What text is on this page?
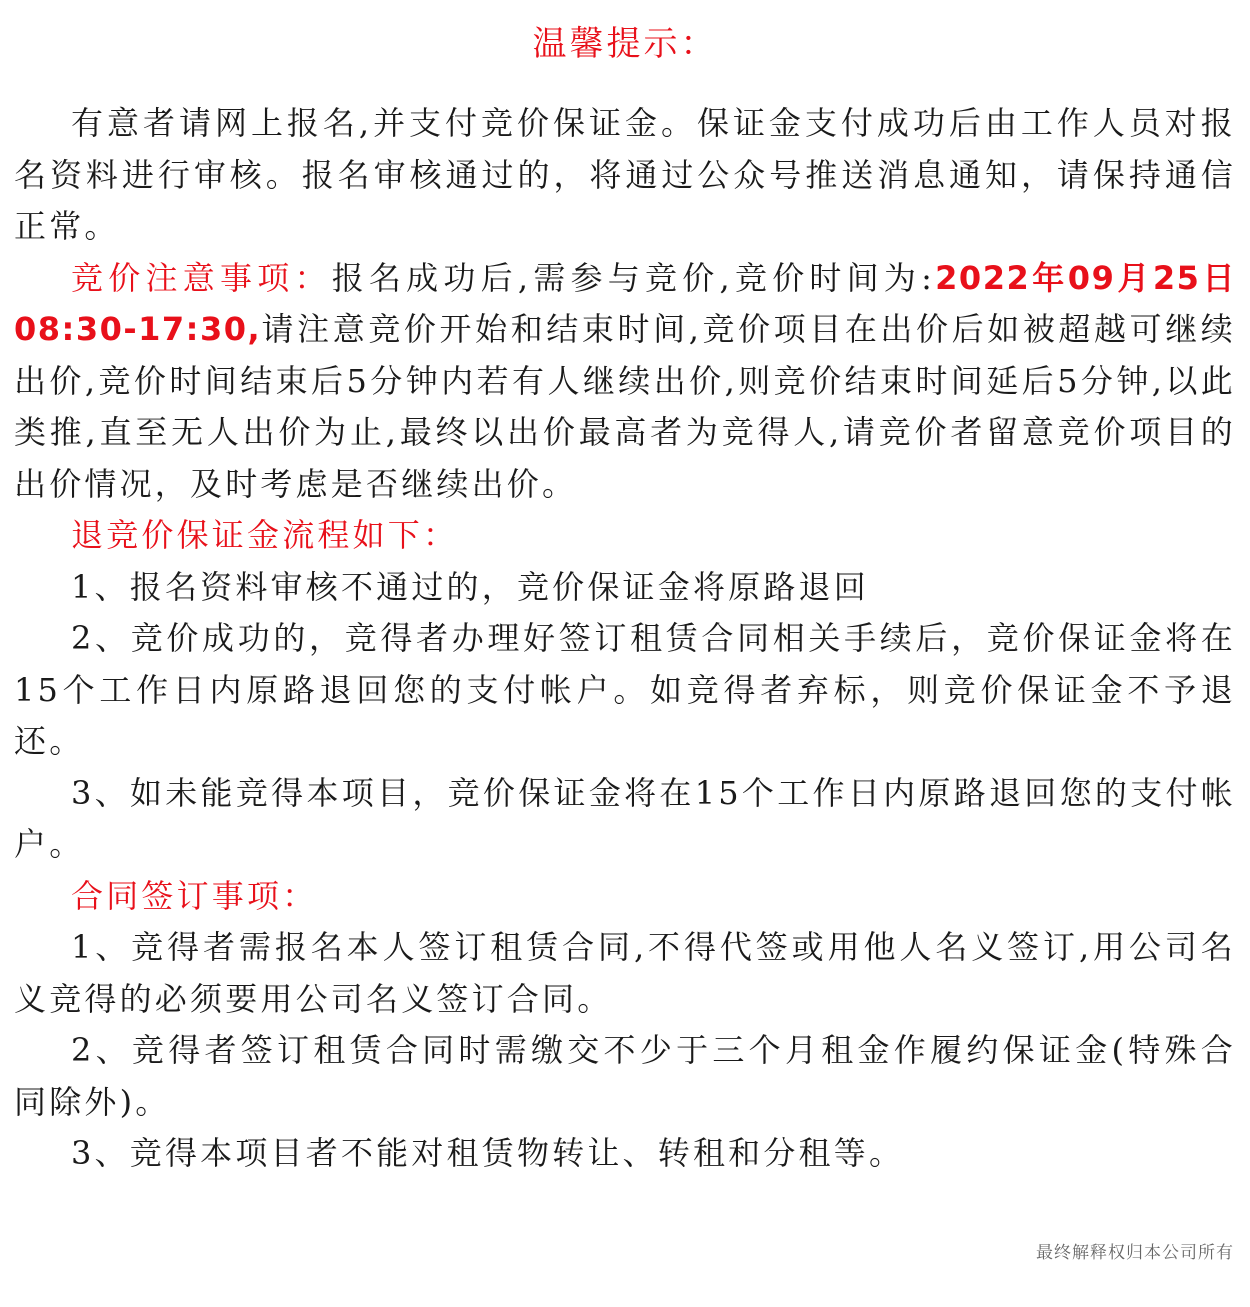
温馨提示：

有意者请网上报名,并支付竞价保证金。保证金支付成功后由工作人员对报名资料进行审核。报名审核通过的，将通过公众号推送消息通知，请保持通信正常。

竞价注意事项：报名成功后,需参与竞价,竞价时间为:2022年09月25日 08:30-17:30,请注意竞价开始和结束时间,竞价项目在出价后如被超越可继续出价,竞价时间结束后5分钟内若有人继续出价,则竞价结束时间延后5分钟,以此类推,直至无人出价为止,最终以出价最高者为竞得人,请竞价者留意竞价项目的出价情况，及时考虑是否继续出价。

退竞价保证金流程如下：

1、报名资料审核不通过的，竞价保证金将原路退回

2、竞价成功的，竞得者办理好签订租赁合同相关手续后，竞价保证金将在15个工作日内原路退回您的支付帐户。如竞得者弃标，则竞价保证金不予退还。

3、如未能竞得本项目，竞价保证金将在15个工作日内原路退回您的支付帐户。

合同签订事项：

1、竞得者需报名本人签订租赁合同,不得代签或用他人名义签订,用公司名义竞得的必须要用公司名义签订合同。

2、竞得者签订租赁合同时需缴交不少于三个月租金作履约保证金(特殊合同除外)。

3、竞得本项目者不能对租赁物转让、转租和分租等。

最终解释权归本公司所有
